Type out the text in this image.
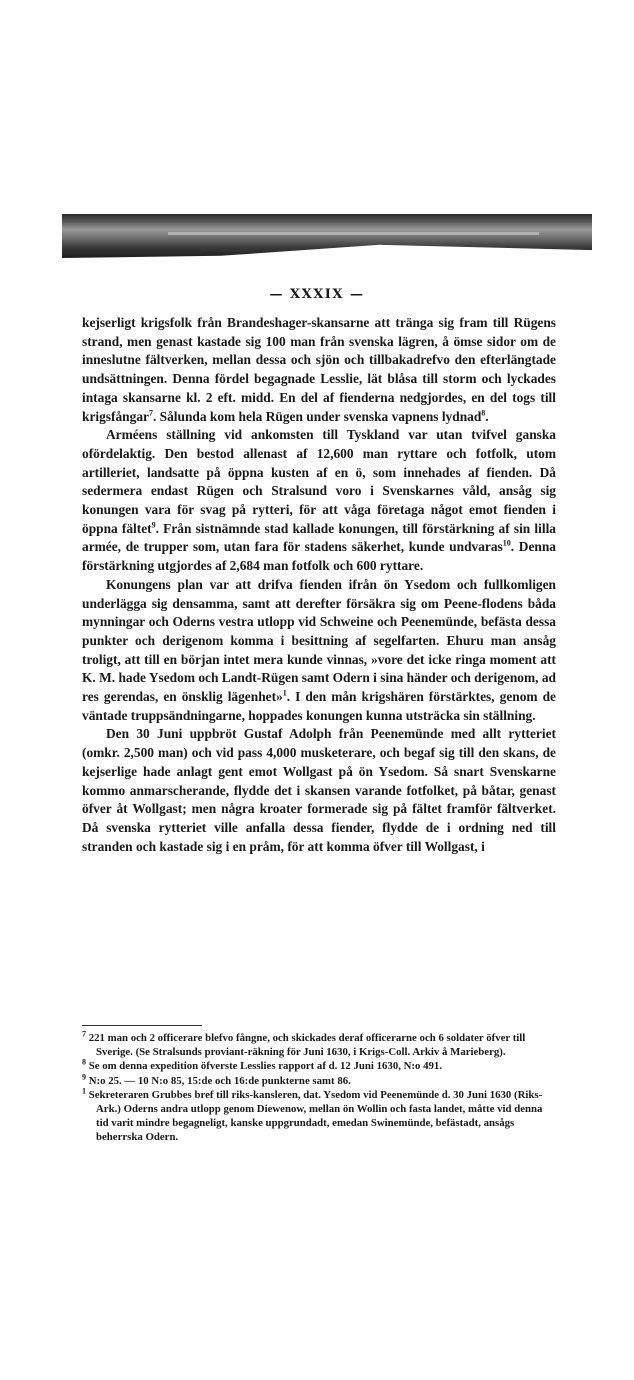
— XXXIX —

kejserligt krigsfolk från Brandeshager-skansarne att tränga sig fram till Rügens strand, men genast kastade sig 100 man från svenska lägren, å ömse sidor om de inneslutne fältverken, mellan dessa och sjön och tillbakadrefvo den efterlängtade undsättningen. Denna fördel begagnade Lesslie, lät blåsa till storm och lyckades intaga skansarne kl. 2 eft. midd. En del af fienderna nedgjordes, en del togs till krigsfångar$^7$. Sålunda kom hela Rügen under svenska vapnens lydnad$^8$.

Arméens ställning vid ankomsten till Tyskland var utan tvifvel ganska ofördelaktig. Den bestod allenast af 12,600 man ryttare och fotfolk, utom artilleriet, landsatte på öppna kusten af en ö, som innehades af fienden. Då sedermera endast Rügen och Stralsund voro i Svenskarnes våld, ansåg sig konungen vara för svag på rytteri, för att våga företaga något emot fienden i öppna fältet$^9$. Från sistnämnde stad kallade konungen, till förstärkning af sin lilla armée, de trupper som, utan fara för stadens säkerhet, kunde undvaras$^{10}$. Denna förstärkning utgjordes af 2,684 man fotfolk och 600 ryttare.

Konungens plan var att drifva fienden ifrån ön Ysedom och fullkomligen underlägga sig densamma, samt att derefter försäkra sig om Peene-flodens båda mynningar och Oderns vestra utlopp vid Schweine och Peenemünde, befästa dessa punkter och derigenom komma i besittning af segelfarten. Ehuru man ansåg troligt, att till en början intet mera kunde vinnas, »vore det icke ringa moment att K. M. hade Ysedom och Landt-Rügen samt Odern i sina händer och derigenom, ad res gerendas, en önsklig lägenhet»$^1$. I den mån krigshären förstärktes, genom de väntade truppsändningarne, hoppades konungen kunna utsträcka sin ställning.

Den 30 Juni uppbröt Gustaf Adolph från Peenemünde med allt rytteriet (omkr. 2,500 man) och vid pass 4,000 musketerare, och begaf sig till den skans, de kejserlige hade anlagt gent emot Wollgast på ön Ysedom. Så snart Svenskarne kommo anmarscherande, flydde det i skansen varande fotfolket, på båtar, genast öfver åt Wollgast; men några kroater formerade sig på fältet framför fältverket. Då svenska rytteriet ville anfalla dessa fiender, flydde de i ordning ned till stranden och kastade sig i en pråm, för att komma öfver till Wollgast, i

$^7$ 221 man och 2 officerare blefvo fångne, och skickades deraf officerarne och 6 soldater öfver till Sverige. (Se Stralsunds proviant-räkning för Juni 1630, i Krigs-Coll. Arkiv å Marieberg).

$^8$ Se om denna expedition öfverste Lesslies rapport af d. 12 Juni 1630, N:o 491.

$^9$ N:o 25. — 10 N:o 85, 15:de och 16:de punkterne samt 86.

$^1$ Sekreteraren Grubbes bref till riks-kansleren, dat. Ysedom vid Peenemünde d. 30 Juni 1630 (Riks-Ark.) Oderns andra utlopp genom Diewenow, mellan ön Wollin och fasta landet, måtte vid denna tid varit mindre begagneligt, kanske uppgrundadt, emedan Swinemünde, befästadt, ansågs beherrska Odern.
